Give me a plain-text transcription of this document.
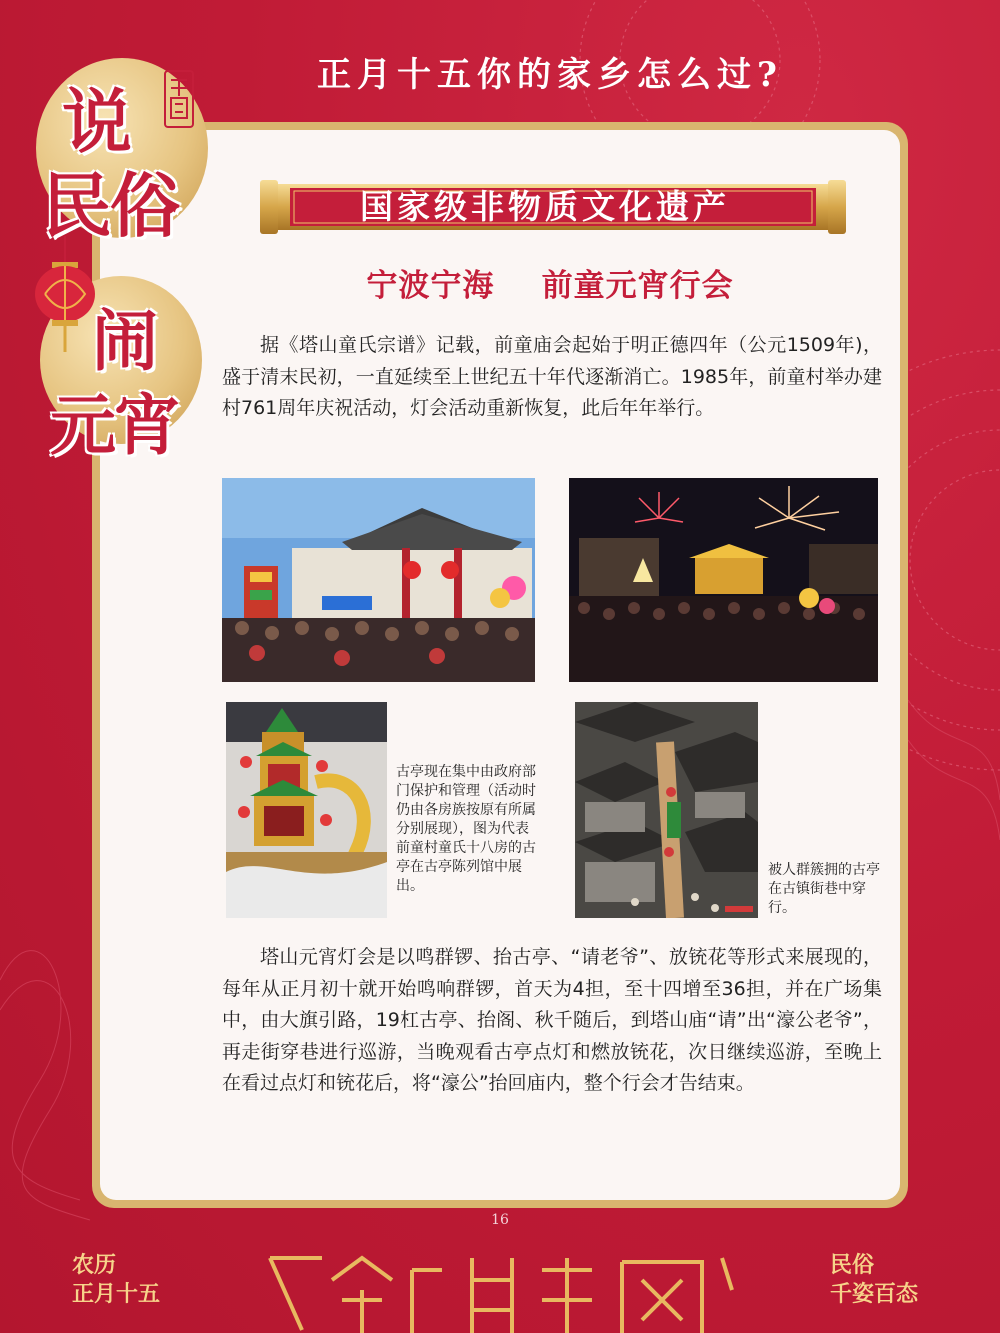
正月十五你的家乡怎么过?
说
民俗
闹
元宵
国家级非物质文化遗产
宁波宁海    前童元宵行会
据《塔山童氏宗谱》记载，前童庙会起始于明正德四年（公元1509年)，盛于清末民初，一直延续至上世纪五十年代逐渐消亡。1985年，前童村举办建村761周年庆祝活动，灯会活动重新恢复，此后年年举行。
古亭现在集中由政府部门保护和管理（活动时仍由各房族按原有所属分别展现），图为代表前童村童氏十八房的古亭在古亭陈列馆中展出。
被人群簇拥的古亭在古镇街巷中穿行。
塔山元宵灯会是以鸣群锣、抬古亭、“请老爷”、放铳花等形式来展现的，每年从正月初十就开始鸣响群锣，首天为4担，至十四增至36担，并在广场集中，由大旗引路，19杠古亭、抬阁、秋千随后，到塔山庙“请”出“濠公老爷”，再走街穿巷进行巡游，当晚观看古亭点灯和燃放铳花，次日继续巡游，至晚上在看过点灯和铳花后，将“濠公”抬回庙内，整个行会才告结束。
16
农历
正月十五
民俗
千姿百态
